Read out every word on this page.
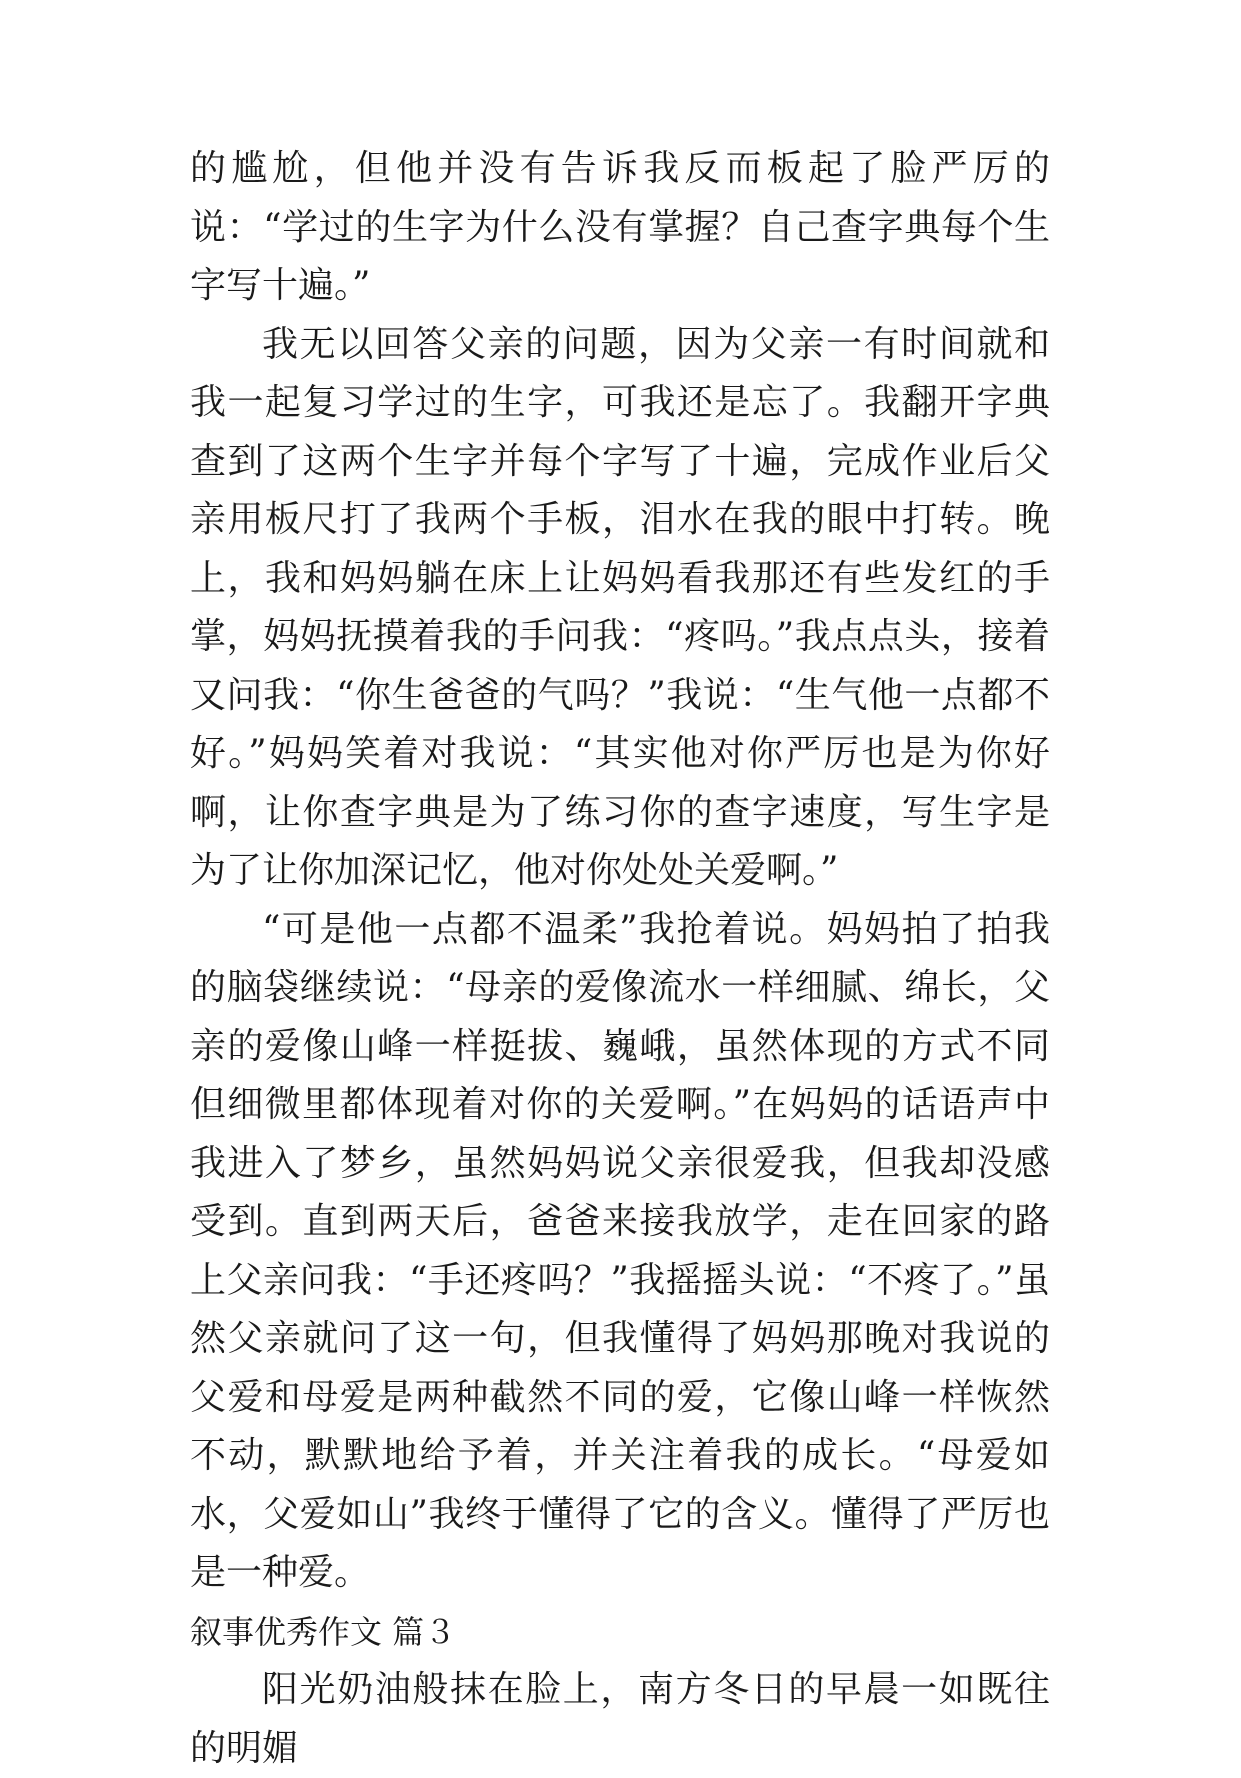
的尴尬，但他并没有告诉我反而板起了脸严厉的说：“学过的生字为什么没有掌握？自己查字典每个生字写十遍。”

我无以回答父亲的问题，因为父亲一有时间就和我一起复习学过的生字，可我还是忘了。我翻开字典查到了这两个生字并每个字写了十遍，完成作业后父亲用板尺打了我两个手板，泪水在我的眼中打转。晚上，我和妈妈躺在床上让妈妈看我那还有些发红的手掌，妈妈抚摸着我的手问我：“疼吗。”我点点头，接着又问我：“你生爸爸的气吗？”我说：“生气他一点都不好。”妈妈笑着对我说：“其实他对你严厉也是为你好啊，让你查字典是为了练习你的查字速度，写生字是为了让你加深记忆，他对你处处关爱啊。”

“可是他一点都不温柔”我抢着说。妈妈拍了拍我的脑袋继续说：“母亲的爱像流水一样细腻、绵长，父亲的爱像山峰一样挺拔、巍峨，虽然体现的方式不同但细微里都体现着对你的关爱啊。”在妈妈的话语声中我进入了梦乡，虽然妈妈说父亲很爱我，但我却没感受到。直到两天后，爸爸来接我放学，走在回家的路上父亲问我：“手还疼吗？”我摇摇头说：“不疼了。”虽然父亲就问了这一句，但我懂得了妈妈那晚对我说的父爱和母爱是两种截然不同的爱，它像山峰一样恢然不动，默默地给予着，并关注着我的成长。“母爱如水，父爱如山”我终于懂得了它的含义。懂得了严厉也是一种爱。

叙事优秀作文 篇３

阳光奶油般抹在脸上，南方冬日的早晨一如既往的明媚
